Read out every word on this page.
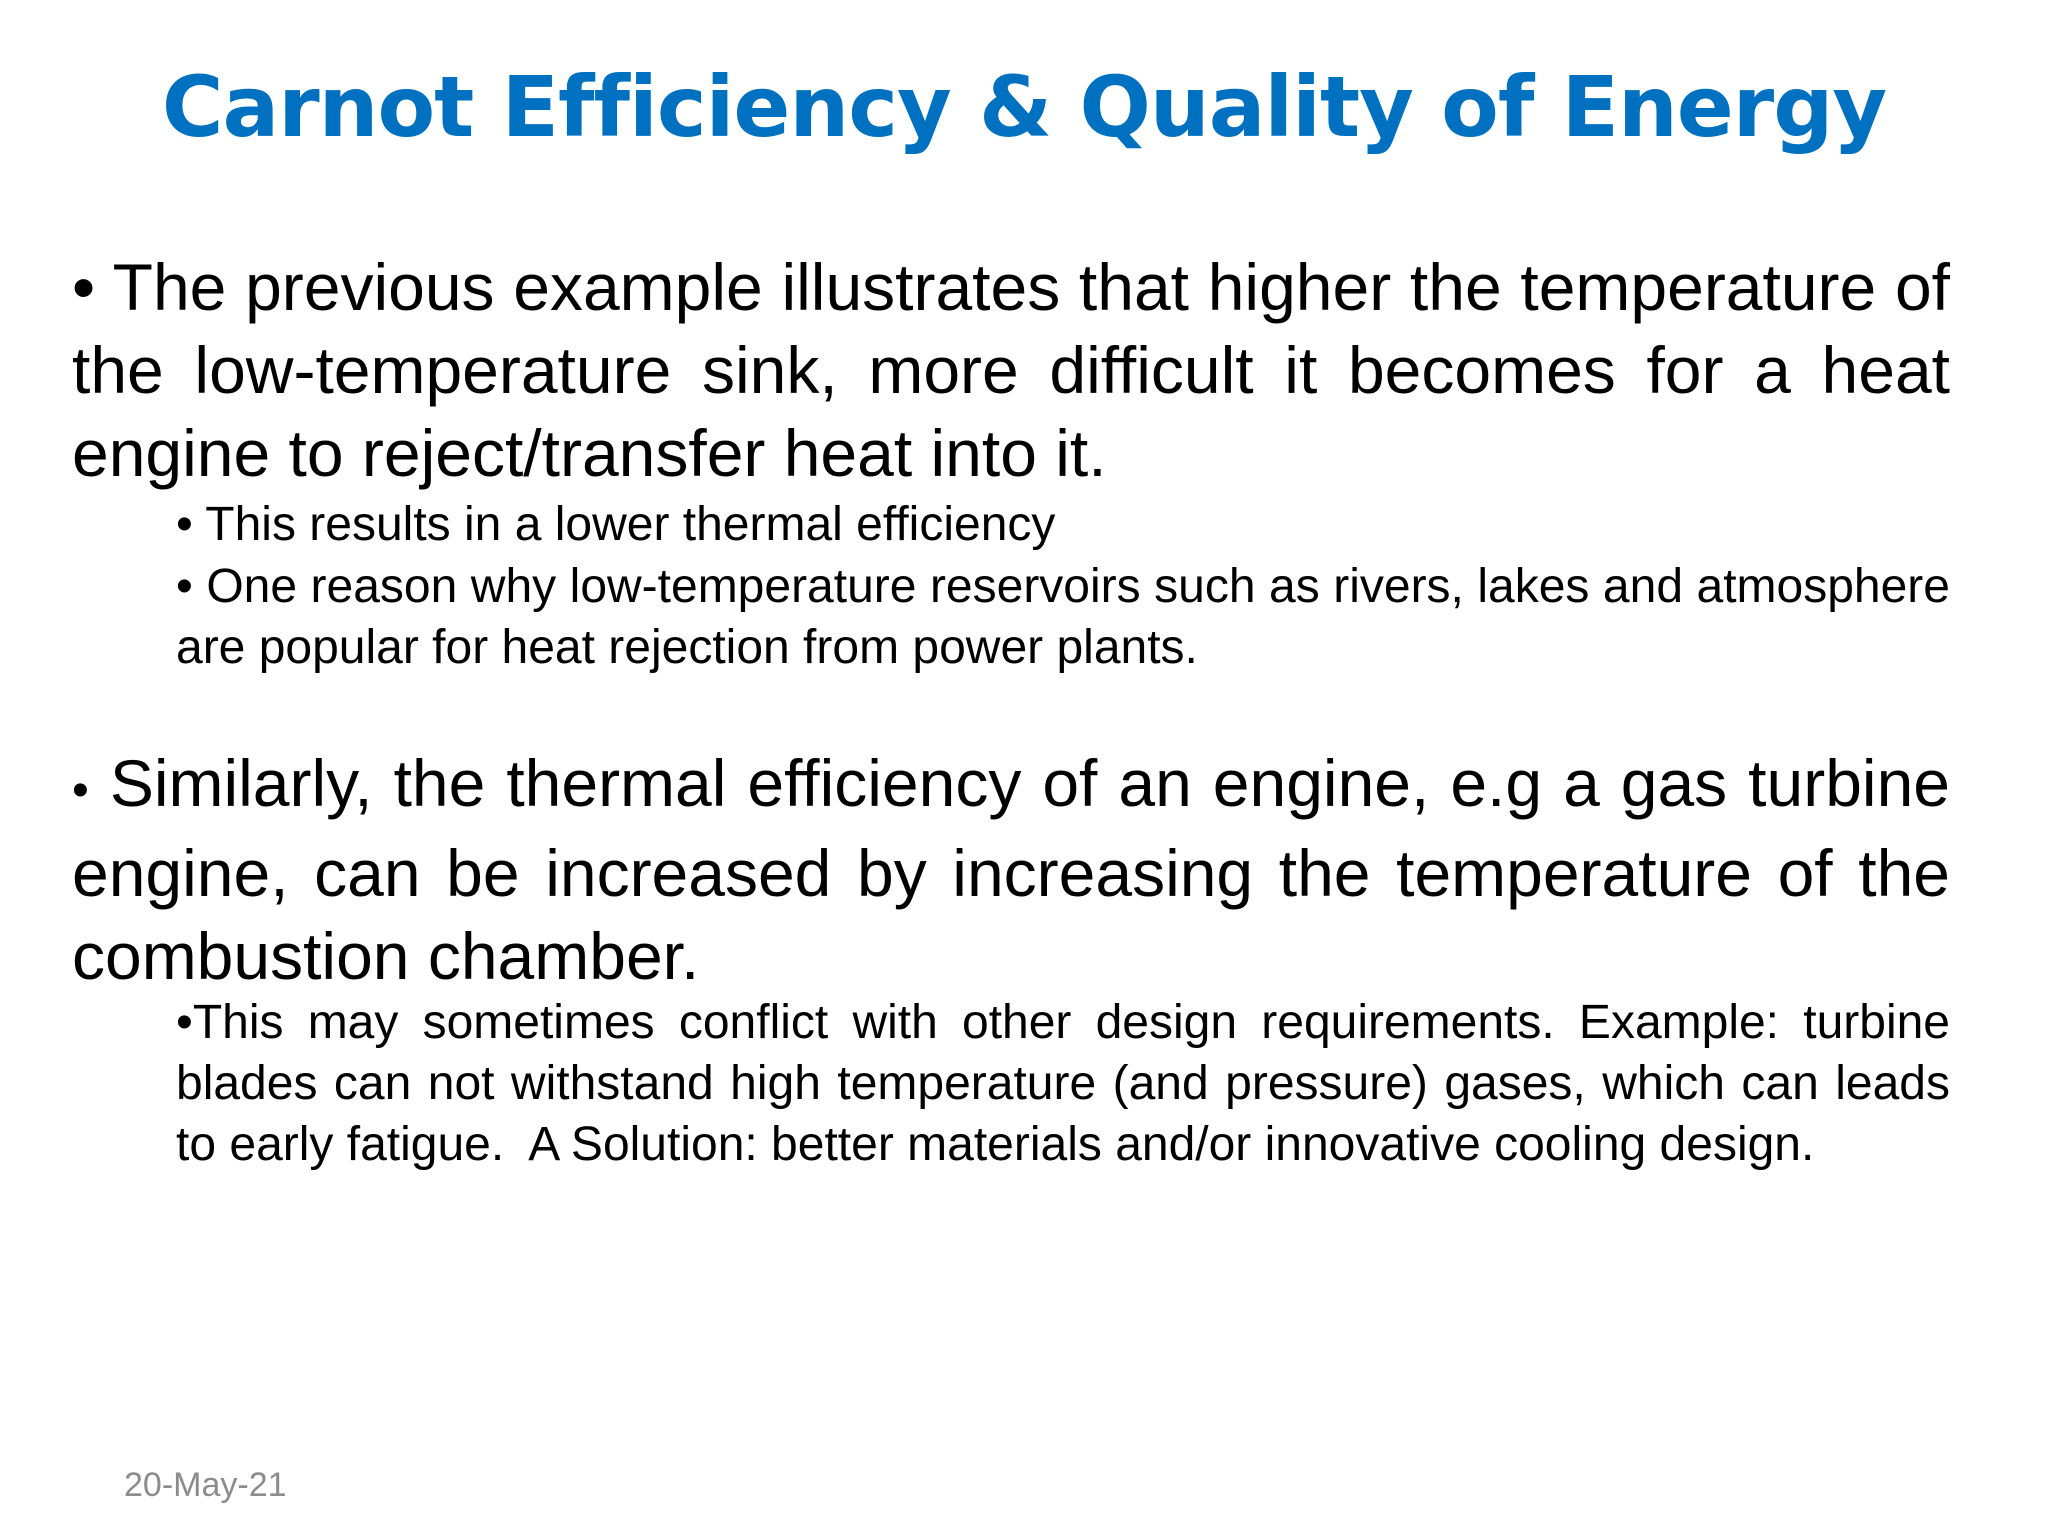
Carnot Efficiency & Quality of Energy

• The previous example illustrates that higher the temperature of the low-temperature sink, more difficult it becomes for a heat engine to reject/transfer heat into it.

• This results in a lower thermal efficiency

• One reason why low-temperature reservoirs such as rivers, lakes and atmosphere are popular for heat rejection from power plants.

• Similarly, the thermal efficiency of an engine, e.g a gas turbine engine, can be increased by increasing the temperature of the combustion chamber.

•This may sometimes conflict with other design requirements. Example: turbine blades can not withstand high temperature (and pressure) gases, which can leads to early fatigue.  A Solution: better materials and/or innovative cooling design.

20-May-21
